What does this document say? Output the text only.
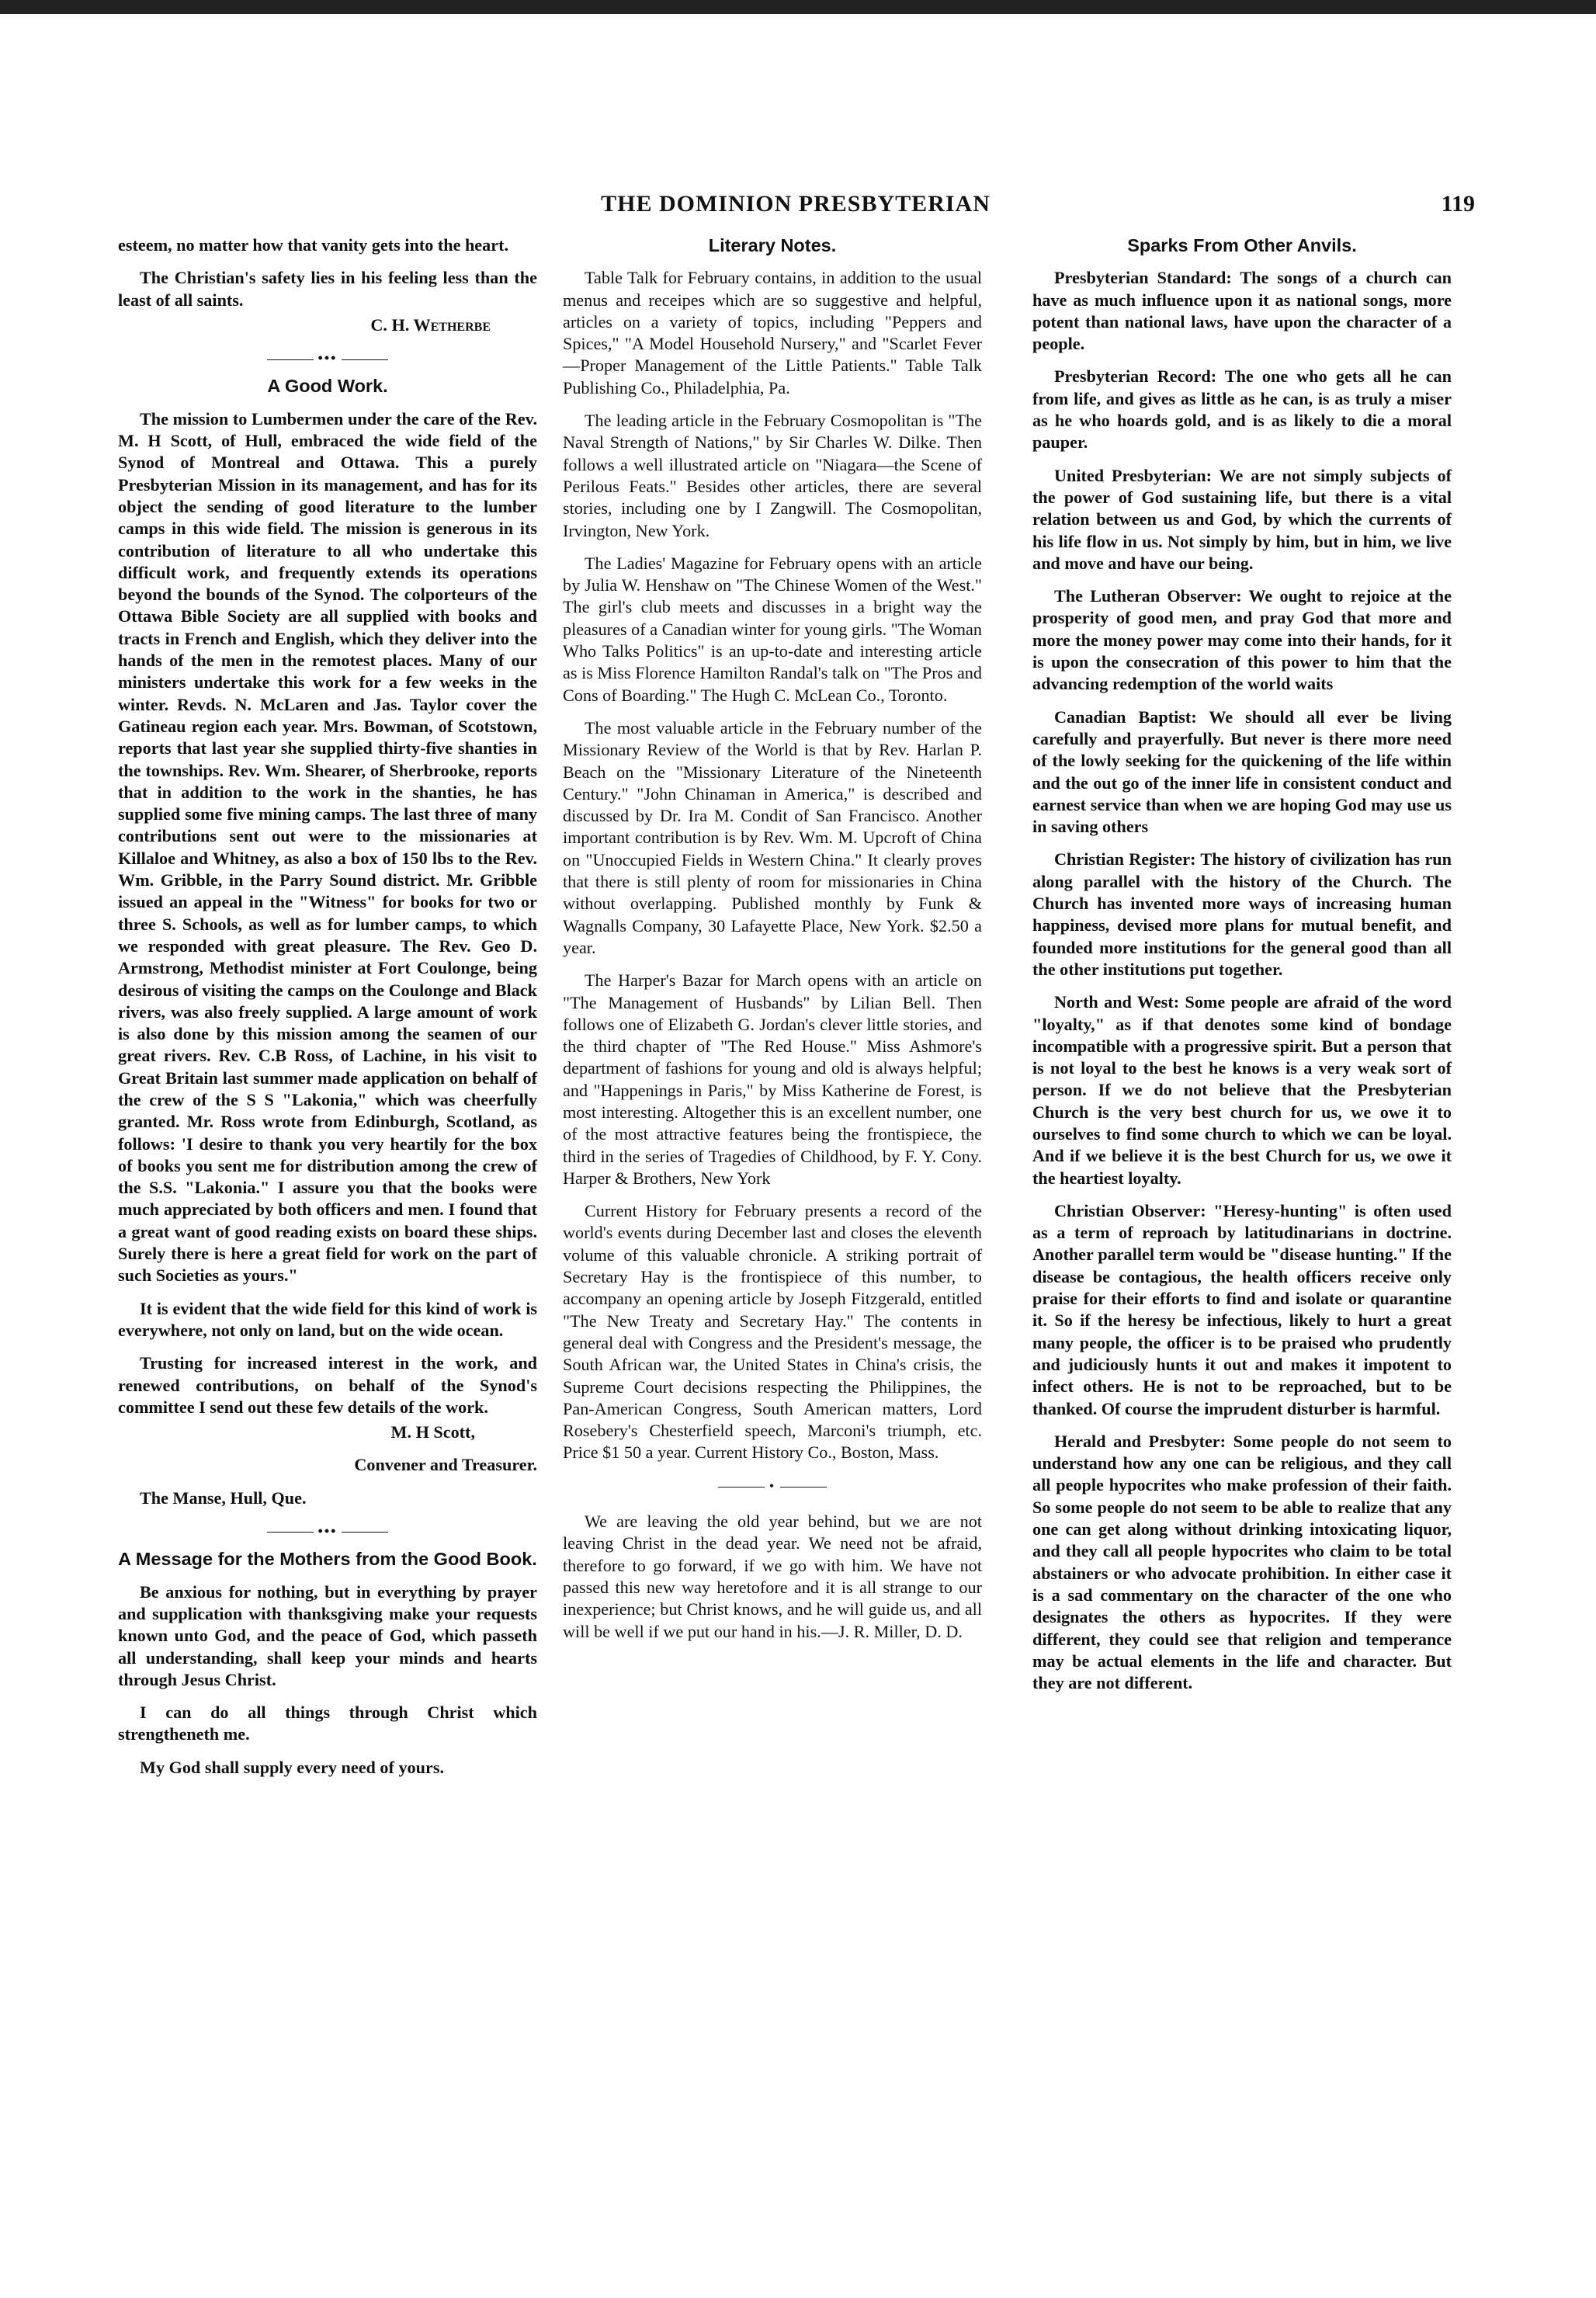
THE DOMINION PRESBYTERIAN	119

esteem, no matter how that vanity gets into the heart.

The Christian's safety lies in his feeling less than the least of all saints.

C. H. Wetherbe

•••
A Good Work.

The mission to Lumbermen under the care of the Rev. M. H Scott, of Hull, embraced the wide field of the Synod of Montreal and Ottawa. This a purely Presbyterian Mission in its management, and has for its object the sending of good literature to the lumber camps in this wide field. The mission is generous in its contribution of literature to all who undertake this difficult work, and frequently extends its operations beyond the bounds of the Synod. The colporteurs of the Ottawa Bible Society are all supplied with books and tracts in French and English, which they deliver into the hands of the men in the remotest places. Many of our ministers undertake this work for a few weeks in the winter. Revds. N. McLaren and Jas. Taylor cover the Gatineau region each year. Mrs. Bowman, of Scotstown, reports that last year she supplied thirty-five shanties in the townships. Rev. Wm. Shearer, of Sherbrooke, reports that in addition to the work in the shanties, he has supplied some five mining camps. The last three of many contributions sent out were to the missionaries at Killaloe and Whitney, as also a box of 150 lbs to the Rev. Wm. Gribble, in the Parry Sound district. Mr. Gribble issued an appeal in the "Witness" for books for two or three S. Schools, as well as for lumber camps, to which we responded with great pleasure. The Rev. Geo D. Armstrong, Methodist minister at Fort Coulonge, being desirous of visiting the camps on the Coulonge and Black rivers, was also freely supplied. A large amount of work is also done by this mission among the seamen of our great rivers. Rev. C.B Ross, of Lachine, in his visit to Great Britain last summer made application on behalf of the crew of the S S "Lakonia," which was cheerfully granted. Mr. Ross wrote from Edinburgh, Scotland, as follows: 'I desire to thank you very heartily for the box of books you sent me for distribution among the crew of the S.S. "Lakonia." I assure you that the books were much appreciated by both officers and men. I found that a great want of good reading exists on board these ships. Surely there is here a great field for work on the part of such Societies as yours."

It is evident that the wide field for this kind of work is everywhere, not only on land, but on the wide ocean.

Trusting for increased interest in the work, and renewed contributions, on behalf of the Synod's committee I send out these few details of the work.

M. H Scott,

Convener and Treasurer.

The Manse, Hull, Que.

•••
A Message for the Mothers from the Good Book.

Be anxious for nothing, but in everything by prayer and supplication with thanksgiving make your requests known unto God, and the peace of God, which passeth all understanding, shall keep your minds and hearts through Jesus Christ.

I can do all things through Christ which strengtheneth me.

My God shall supply every need of yours.

Literary Notes.

Table Talk for February contains, in addition to the usual menus and receipes which are so suggestive and helpful, articles on a variety of topics, including "Peppers and Spices," "A Model Household Nursery," and "Scarlet Fever—Proper Management of the Little Patients." Table Talk Publishing Co., Philadelphia, Pa.

The leading article in the February Cosmopolitan is "The Naval Strength of Nations," by Sir Charles W. Dilke. Then follows a well illustrated article on "Niagara—the Scene of Perilous Feats." Besides other articles, there are several stories, including one by I Zangwill. The Cosmopolitan, Irvington, New York.

The Ladies' Magazine for February opens with an article by Julia W. Henshaw on "The Chinese Women of the West." The girl's club meets and discusses in a bright way the pleasures of a Canadian winter for young girls. "The Woman Who Talks Politics" is an up-to-date and interesting article as is Miss Florence Hamilton Randal's talk on "The Pros and Cons of Boarding." The Hugh C. McLean Co., Toronto.

The most valuable article in the February number of the Missionary Review of the World is that by Rev. Harlan P. Beach on the "Missionary Literature of the Nineteenth Century." "John Chinaman in America," is described and discussed by Dr. Ira M. Condit of San Francisco. Another important contribution is by Rev. Wm. M. Upcroft of China on "Unoccupied Fields in Western China." It clearly proves that there is still plenty of room for missionaries in China without overlapping. Published monthly by Funk & Wagnalls Company, 30 Lafayette Place, New York. $2.50 a year.

The Harper's Bazar for March opens with an article on "The Management of Husbands" by Lilian Bell. Then follows one of Elizabeth G. Jordan's clever little stories, and the third chapter of "The Red House." Miss Ashmore's department of fashions for young and old is always helpful; and "Happenings in Paris," by Miss Katherine de Forest, is most interesting. Altogether this is an excellent number, one of the most attractive features being the frontispiece, the third in the series of Tragedies of Childhood, by F. Y. Cony. Harper & Brothers, New York

Current History for February presents a record of the world's events during December last and closes the eleventh volume of this valuable chronicle. A striking portrait of Secretary Hay is the frontispiece of this number, to accompany an opening article by Joseph Fitzgerald, entitled "The New Treaty and Secretary Hay." The contents in general deal with Congress and the President's message, the South African war, the United States in China's crisis, the Supreme Court decisions respecting the Philippines, the Pan-American Congress, South American matters, Lord Rosebery's Chesterfield speech, Marconi's triumph, etc. Price $1 50 a year. Current History Co., Boston, Mass.

•

We are leaving the old year behind, but we are not leaving Christ in the dead year. We need not be afraid, therefore to go forward, if we go with him. We have not passed this new way heretofore and it is all strange to our inexperience; but Christ knows, and he will guide us, and all will be well if we put our hand in his.—J. R. Miller, D. D.

Sparks From Other Anvils.

Presbyterian Standard: The songs of a church can have as much influence upon it as national songs, more potent than national laws, have upon the character of a people.

Presbyterian Record: The one who gets all he can from life, and gives as little as he can, is as truly a miser as he who hoards gold, and is as likely to die a moral pauper.

United Presbyterian: We are not simply subjects of the power of God sustaining life, but there is a vital relation between us and God, by which the currents of his life flow in us. Not simply by him, but in him, we live and move and have our being.

The Lutheran Observer: We ought to rejoice at the prosperity of good men, and pray God that more and more the money power may come into their hands, for it is upon the consecration of this power to him that the advancing redemption of the world waits

Canadian Baptist: We should all ever be living carefully and prayerfully. But never is there more need of the lowly seeking for the quickening of the life within and the out go of the inner life in consistent conduct and earnest service than when we are hoping God may use us in saving others

Christian Register: The history of civilization has run along parallel with the history of the Church. The Church has invented more ways of increasing human happiness, devised more plans for mutual benefit, and founded more institutions for the general good than all the other institutions put together.

North and West: Some people are afraid of the word "loyalty," as if that denotes some kind of bondage incompatible with a progressive spirit. But a person that is not loyal to the best he knows is a very weak sort of person. If we do not believe that the Presbyterian Church is the very best church for us, we owe it to ourselves to find some church to which we can be loyal. And if we believe it is the best Church for us, we owe it the heartiest loyalty.

Christian Observer: "Heresy-hunting" is often used as a term of reproach by latitudinarians in doctrine. Another parallel term would be "disease hunting." If the disease be contagious, the health officers receive only praise for their efforts to find and isolate or quarantine it. So if the heresy be infectious, likely to hurt a great many people, the officer is to be praised who prudently and judiciously hunts it out and makes it impotent to infect others. He is not to be reproached, but to be thanked. Of course the imprudent disturber is harmful.

Herald and Presbyter: Some people do not seem to understand how any one can be religious, and they call all people hypocrites who make profession of their faith. So some people do not seem to be able to realize that any one can get along without drinking intoxicating liquor, and they call all people hypocrites who claim to be total abstainers or who advocate prohibition. In either case it is a sad commentary on the character of the one who designates the others as hypocrites. If they were different, they could see that religion and temperance may be actual elements in the life and character. But they are not different.
